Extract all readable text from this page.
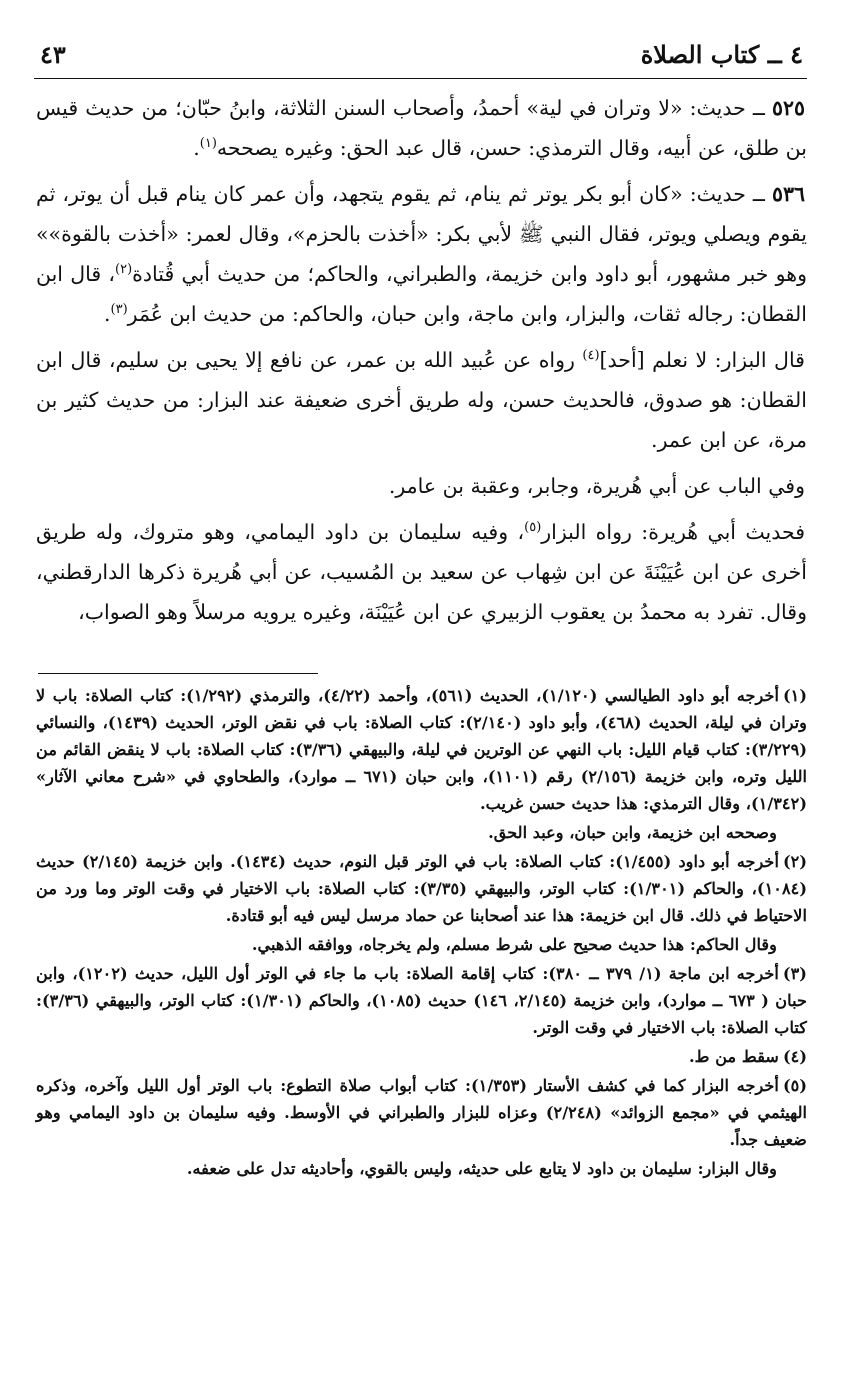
٤ ــ كتاب الصلاة
٤٣

٥٢٥ ــ حديث: «لا وتران في لية» أحمدُ، وأصحاب السنن الثلاثة، وابنُ حبّان؛ من حديث قيس بن طلق، عن أبيه، وقال الترمذي: حسن، قال عبد الحق: وغيره يصححه$^{(١)}$.

٥٣٦ ــ حديث: «كان أبو بكر يوتر ثم ينام، ثم يقوم يتجهد، وأن عمر كان ينام قبل أن يوتر، ثم يقوم ويصلي ويوتر، فقال النبي ﷺ لأبي بكر: «أخذت بالحزم»، وقال لعمر: «أخذت بالقوة»» وهو خبر مشهور، أبو داود وابن خزيمة، والطبراني، والحاكم؛ من حديث أبي قُتادة$^{(٢)}$، قال ابن القطان: رجاله ثقات، والبزار، وابن ماجة، وابن حبان، والحاكم: من حديث ابن عُمَر$^{(٣)}$.

قال البزار: لا نعلم [أحد]$^{(٤)}$ رواه عن عُبيد الله بن عمر، عن نافع إلا يحيى بن سليم، قال ابن القطان: هو صدوق، فالحديث حسن، وله طريق أخرى ضعيفة عند البزار: من حديث كثير بن مرة، عن ابن عمر.

وفي الباب عن أبي هُريرة، وجابر، وعقبة بن عامر.

فحديث أبي هُريرة: رواه البزار$^{(٥)}$، وفيه سليمان بن داود اليمامي، وهو متروك، وله طريق أخرى عن ابن عُيَيْنَةَ عن ابن شِهاب عن سعيد بن المُسيب، عن أبي هُريرة ذكرها الدارقطني، وقال. تفرد به محمدُ بن يعقوب الزبيري عن ابن عُيَيْنَة، وغيره يرويه مرسلاً وهو الصواب،

(١)أخرجه أبو داود الطيالسي (١/١٢٠)، الحديث (٥٦١)، وأحمد (٤/٢٢)، والترمذي (١/٢٩٢): كتاب الصلاة: باب لا وتران في ليلة، الحديث (٤٦٨)، وأبو داود (٢/١٤٠): كتاب الصلاة: باب في نقض الوتر، الحديث (١٤٣٩)، والنسائي (٣/٢٢٩): كتاب قيام الليل: باب النهي عن الوترين في ليلة، والبيهقي (٣/٣٦): كتاب الصلاة: باب لا ينقض القائم من الليل وتره، وابن خزيمة (٢/١٥٦) رقم (١١٠١)، وابن حبان (٦٧١ ــ موارد)، والطحاوي في «شرح معاني الآثار» (١/٣٤٢)، وقال الترمذي: هذا حديث حسن غريب.

وصححه ابن خزيمة، وابن حبان، وعبد الحق.

(٢)أخرجه أبو داود (١/٤٥٥): كتاب الصلاة: باب في الوتر قبل النوم، حديث (١٤٣٤). وابن خزيمة (٢/١٤٥) حديث (١٠٨٤)، والحاكم (١/٣٠١): كتاب الوتر، والبيهقي (٣/٣٥): كتاب الصلاة: باب الاختيار في وقت الوتر وما ورد من الاحتياط في ذلك. قال ابن خزيمة: هذا عند أصحابنا عن حماد مرسل ليس فيه أبو قتادة.

وقال الحاكم: هذا حديث صحيح على شرط مسلم، ولم يخرجاه، ووافقه الذهبي.

(٣)أخرجه ابن ماجة (١/ ٣٧٩ ــ ٣٨٠): كتاب إقامة الصلاة: باب ما جاء في الوتر أول الليل، حديث (١٢٠٢)، وابن حبان ( ٦٧٣ ــ موارد)، وابن خزيمة (٢/١٤٥، ١٤٦) حديث (١٠٨٥)، والحاكم (١/٣٠١): كتاب الوتر، والبيهقي (٣/٣٦): كتاب الصلاة: باب الاختيار في وقت الوتر.

(٤)سقط من ط.

(٥)أخرجه البزار كما في كشف الأستار (١/٣٥٣): كتاب أبواب صلاة التطوع: باب الوتر أول الليل وآخره، وذكره الهيثمي في «مجمع الزوائد» (٢/٢٤٨) وعزاه للبزار والطبراني في الأوسط. وفيه سليمان بن داود اليمامي وهو ضعيف جداً.

وقال البزار: سليمان بن داود لا يتابع على حديثه، وليس بالقوي، وأحاديثه تدل على ضعفه.
